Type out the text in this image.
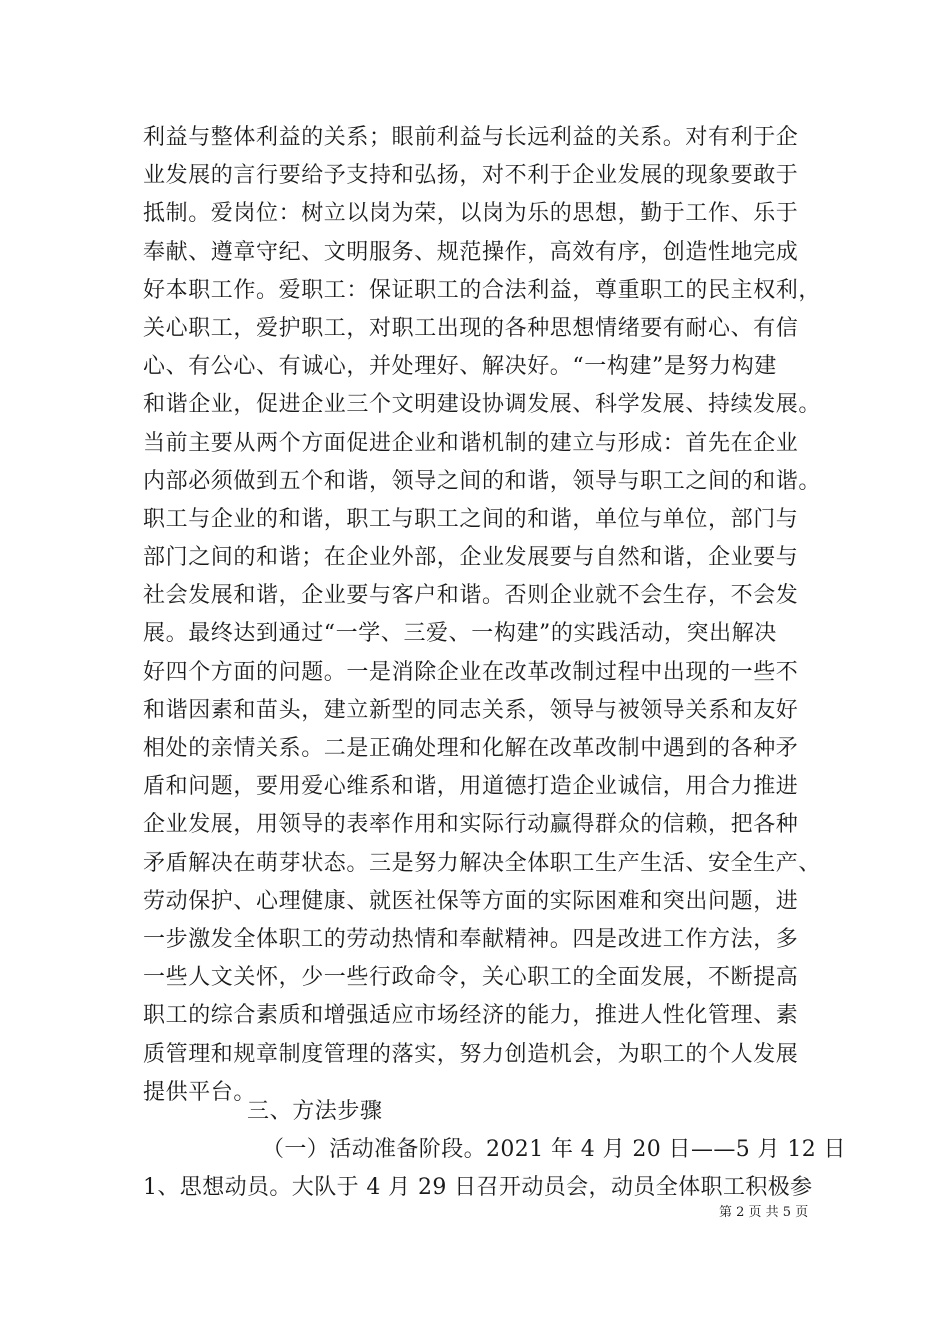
利益与整体利益的关系；眼前利益与长远利益的关系。对有利于企
业发展的言行要给予支持和弘扬，对不利于企业发展的现象要敢于
抵制。爱岗位：树立以岗为荣，以岗为乐的思想，勤于工作、乐于
奉献、遵章守纪、文明服务、规范操作，高效有序，创造性地完成
好本职工作。爱职工：保证职工的合法利益，尊重职工的民主权利，
关心职工，爱护职工，对职工出现的各种思想情绪要有耐心、有信
心、有公心、有诚心，并处理好、解决好。“一构建”是努力构建
和谐企业，促进企业三个文明建设协调发展、科学发展、持续发展。
当前主要从两个方面促进企业和谐机制的建立与形成：首先在企业
内部必须做到五个和谐，领导之间的和谐，领导与职工之间的和谐。
职工与企业的和谐，职工与职工之间的和谐，单位与单位，部门与
部门之间的和谐；在企业外部，企业发展要与自然和谐，企业要与
社会发展和谐，企业要与客户和谐。否则企业就不会生存，不会发
展。最终达到通过“一学、三爱、一构建”的实践活动，突出解决
好四个方面的问题。一是消除企业在改革改制过程中出现的一些不
和谐因素和苗头，建立新型的同志关系，领导与被领导关系和友好
相处的亲情关系。二是正确处理和化解在改革改制中遇到的各种矛
盾和问题，要用爱心维系和谐，用道德打造企业诚信，用合力推进
企业发展，用领导的表率作用和实际行动赢得群众的信赖，把各种
矛盾解决在萌芽状态。三是努力解决全体职工生产生活、安全生产、
劳动保护、心理健康、就医社保等方面的实际困难和突出问题，进
一步激发全体职工的劳动热情和奉献精神。四是改进工作方法，多
一些人文关怀，少一些行政命令，关心职工的全面发展，不断提高
职工的综合素质和增强适应市场经济的能力，推进人性化管理、素
质管理和规章制度管理的落实，努力创造机会，为职工的个人发展
提供平台。
三、方法步骤
（一）活动准备阶段。2021 年 4 月 20 日——5 月 12 日
1、思想动员。大队于 4 月 29 日召开动员会，动员全体职工积极参
第 2 页 共 5 页
